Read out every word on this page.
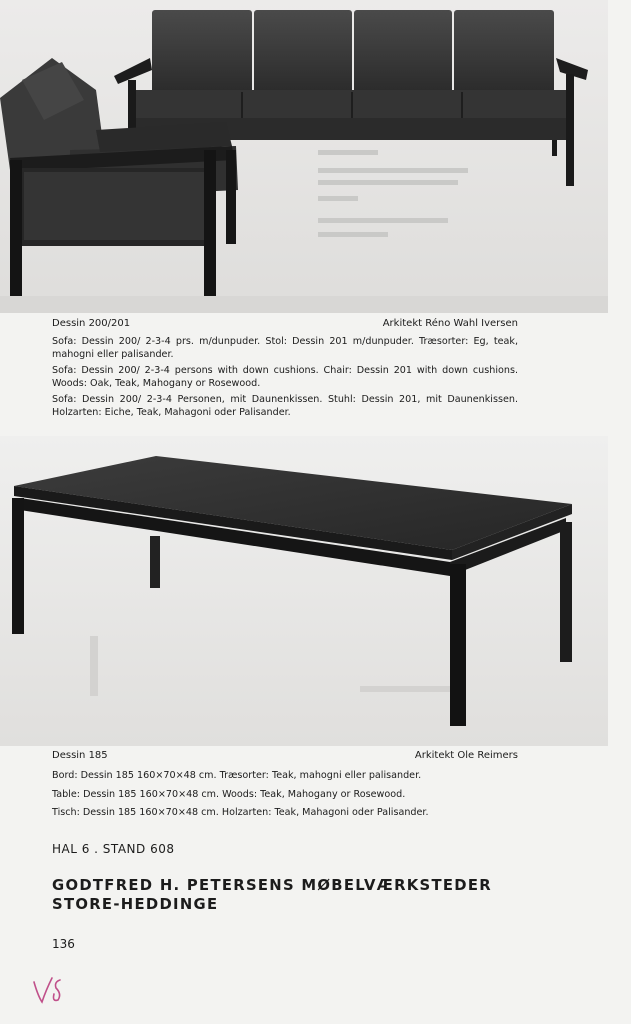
Dessin 200/201	Arkitekt Réno Wahl Iversen

Sofa: Dessin 200/ 2-3-4 prs. m/dunpuder. Stol: Dessin 201 m/dunpuder. Træsorter: Eg, teak, mahogni eller palisander.

Sofa: Dessin 200/ 2-3-4 persons with down cushions. Chair: Dessin 201 with down cushions. Woods: Oak, Teak, Mahogany or Rosewood.

Sofa: Dessin 200/ 2-3-4 Personen, mit Daunenkissen. Stuhl: Dessin 201, mit Daunenkissen. Holzarten: Eiche, Teak, Mahagoni oder Palisander.

Dessin 185	Arkitekt Ole Reimers

Bord: Dessin 185 160×70×48 cm. Træsorter: Teak, mahogni eller palisander.

Table: Dessin 185 160×70×48 cm. Woods: Teak, Mahogany or Rosewood.

Tisch: Dessin 185 160×70×48 cm. Holzarten: Teak, Mahagoni oder Palisander.

HAL 6 . STAND 608
GODTFRED H. PETERSENS MØBELVÆRKSTEDER
STORE-HEDDINGE
136
